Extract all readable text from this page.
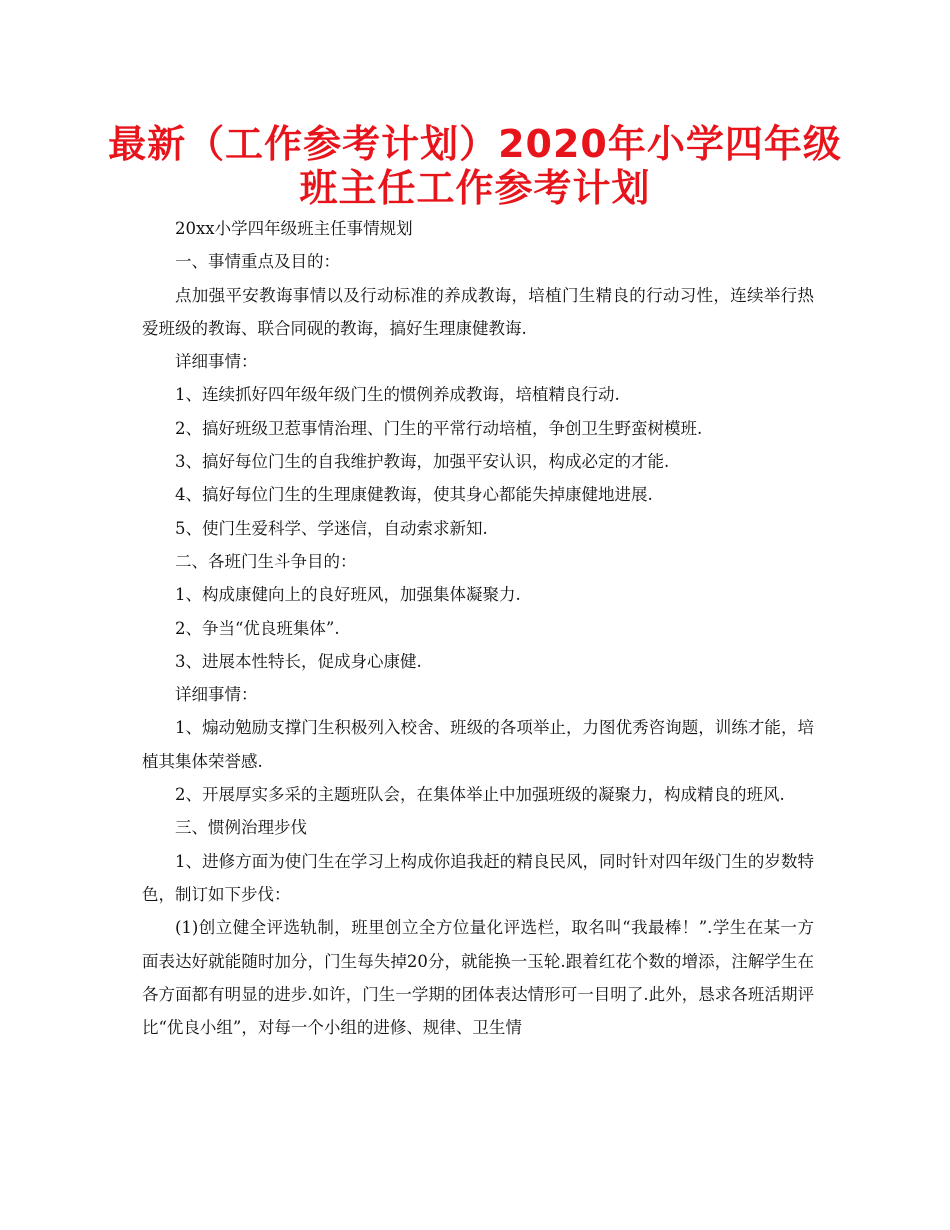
最新（工作参考计划）2020年小学四年级
班主任工作参考计划

20xx小学四年级班主任事情规划

一、事情重点及目的：

点加强平安教诲事情以及行动标准的养成教诲，培植门生精良的行动习性，连续举行热爱班级的教诲、联合同砚的教诲，搞好生理康健教诲.

详细事情：

1、连续抓好四年级年级门生的惯例养成教诲，培植精良行动.

2、搞好班级卫惹事情治理、门生的平常行动培植，争创卫生野蛮树模班.

3、搞好每位门生的自我维护教诲，加强平安认识，构成必定的才能.

4、搞好每位门生的生理康健教诲，使其身心都能失掉康健地进展.

5、使门生爱科学、学迷信，自动索求新知.

二、各班门生斗争目的：

1、构成康健向上的良好班风，加强集体凝聚力.

2、争当“优良班集体”.

3、进展本性特长，促成身心康健.

详细事情：

1、煽动勉励支撑门生积极列入校舍、班级的各项举止，力图优秀咨询题，训练才能，培植其集体荣誉感.

2、开展厚实多采的主题班队会，在集体举止中加强班级的凝聚力，构成精良的班风.

三、惯例治理步伐

1、进修方面为使门生在学习上构成你追我赶的精良民风，同时针对四年级门生的岁数特色，制订如下步伐：

(1)创立健全评选轨制，班里创立全方位量化评选栏，取名叫“我最棒！”.学生在某一方面表达好就能随时加分，门生每失掉20分，就能换一玉轮.跟着红花个数的增添，注解学生在各方面都有明显的进步.如许，门生一学期的团体表达情形可一目明了.此外，恳求各班活期评比“优良小组”，对每一个小组的进修、规律、卫生情
